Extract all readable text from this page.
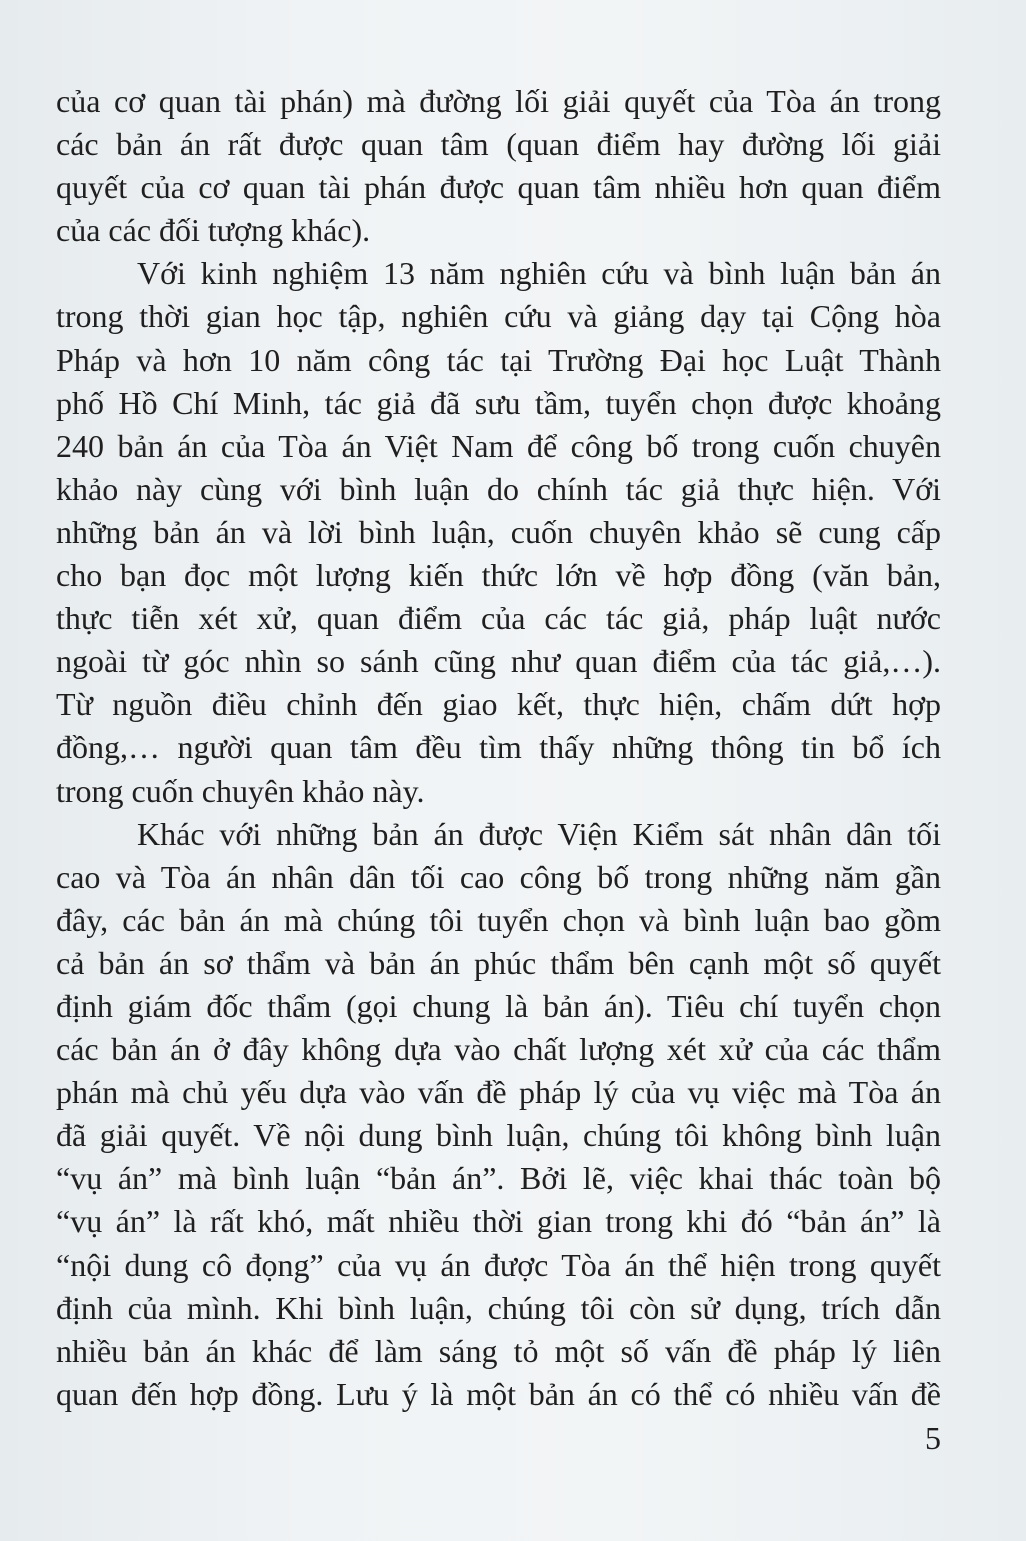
của cơ quan tài phán) mà đường lối giải quyết của Tòa án trong
các bản án rất được quan tâm (quan điểm hay đường lối giải
quyết của cơ quan tài phán được quan tâm nhiều hơn quan điểm
của các đối tượng khác).
Với kinh nghiệm 13 năm nghiên cứu và bình luận bản án
trong thời gian học tập, nghiên cứu và giảng dạy tại Cộng hòa
Pháp và hơn 10 năm công tác tại Trường Đại học Luật Thành
phố Hồ Chí Minh, tác giả đã sưu tầm, tuyển chọn được khoảng
240 bản án của Tòa án Việt Nam để công bố trong cuốn chuyên
khảo này cùng với bình luận do chính tác giả thực hiện. Với
những bản án và lời bình luận, cuốn chuyên khảo sẽ cung cấp
cho bạn đọc một lượng kiến thức lớn về hợp đồng (văn bản,
thực tiễn xét xử, quan điểm của các tác giả, pháp luật nước
ngoài từ góc nhìn so sánh cũng như quan điểm của tác giả,…).
Từ nguồn điều chỉnh đến giao kết, thực hiện, chấm dứt hợp
đồng,… người quan tâm đều tìm thấy những thông tin bổ ích
trong cuốn chuyên khảo này.
Khác với những bản án được Viện Kiểm sát nhân dân tối
cao và Tòa án nhân dân tối cao công bố trong những năm gần
đây, các bản án mà chúng tôi tuyển chọn và bình luận bao gồm
cả bản án sơ thẩm và bản án phúc thẩm bên cạnh một số quyết
định giám đốc thẩm (gọi chung là bản án). Tiêu chí tuyển chọn
các bản án ở đây không dựa vào chất lượng xét xử của các thẩm
phán mà chủ yếu dựa vào vấn đề pháp lý của vụ việc mà Tòa án
đã giải quyết. Về nội dung bình luận, chúng tôi không bình luận
“vụ án” mà bình luận “bản án”. Bởi lẽ, việc khai thác toàn bộ
“vụ án” là rất khó, mất nhiều thời gian trong khi đó “bản án” là
“nội dung cô đọng” của vụ án được Tòa án thể hiện trong quyết
định của mình. Khi bình luận, chúng tôi còn sử dụng, trích dẫn
nhiều bản án khác để làm sáng tỏ một số vấn đề pháp lý liên
quan đến hợp đồng. Lưu ý là một bản án có thể có nhiều vấn đề
5
